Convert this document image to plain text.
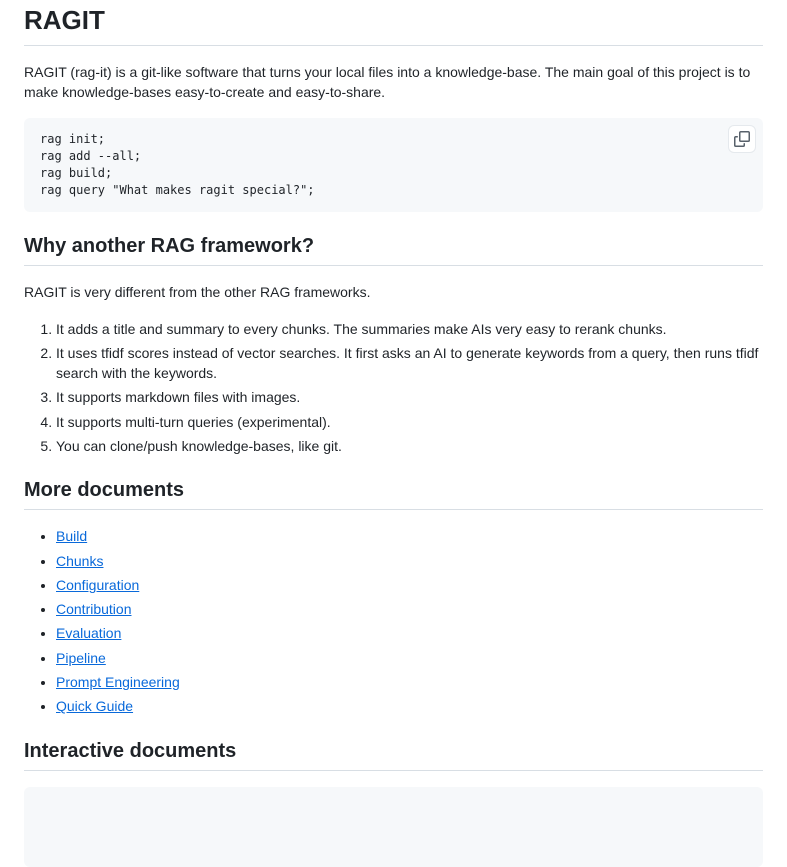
RAGIT

RAGIT (rag-it) is a git-like software that turns your local files into a knowledge-base. The main goal of this project is to make knowledge-bases easy-to-create and easy-to-share.

rag init;
rag add --all;
rag build;
rag query "What makes ragit special?";
Why another RAG framework?

RAGIT is very different from the other RAG frameworks.

1. It adds a title and summary to every chunks. The summaries make AIs very easy to rerank chunks.
2. It uses tfidf scores instead of vector searches. It first asks an AI to generate keywords from a query, then runs tfidf search with the keywords.
3. It supports markdown files with images.
4. It supports multi-turn queries (experimental).
5. You can clone/push knowledge-bases, like git.
More documents
• Build
• Chunks
• Configuration
• Contribution
• Evaluation
• Pipeline
• Prompt Engineering
• Quick Guide
Interactive documents
